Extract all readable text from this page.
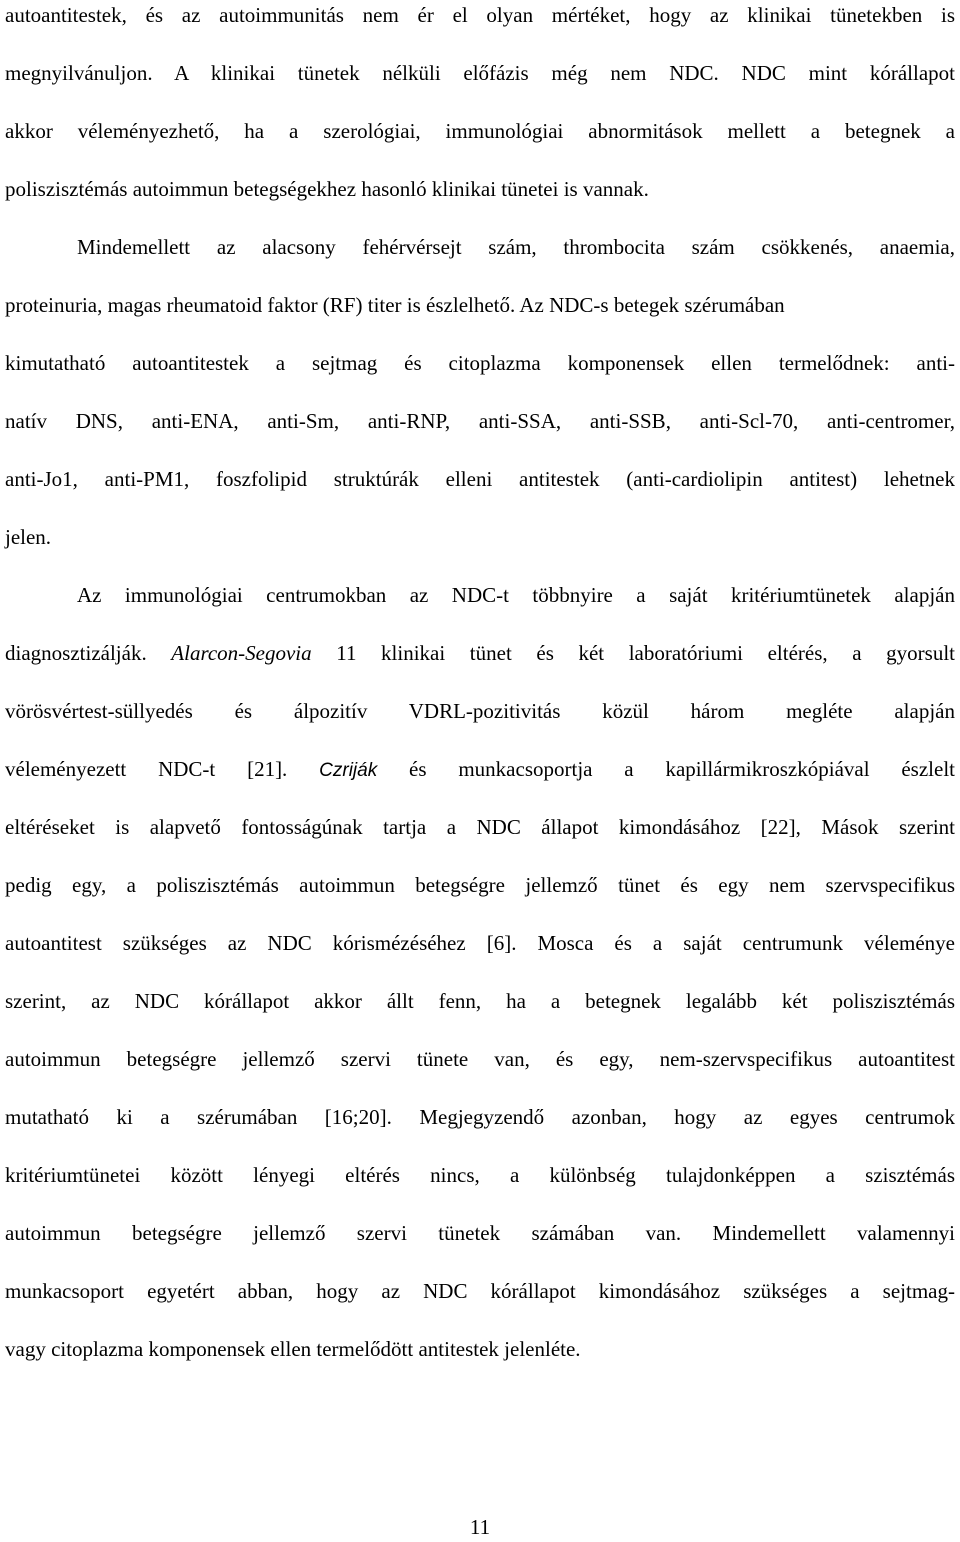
autoantitestek, és az autoimmunitás nem ér el olyan mértéket, hogy az klinikai tünetekben is
megnyilvánuljon. A klinikai tünetek nélküli előfázis még nem NDC. NDC mint kórállapot
akkor véleményezhető, ha a szerológiai, immunológiai abnormitások mellett a betegnek a
poliszisztémás autoimmun betegségekhez hasonló klinikai tünetei is vannak.
Mindemellett az alacsony fehérvérsejt szám, thrombocita szám csökkenés, anaemia,
proteinuria, magas rheumatoid faktor (RF) titer is észlelhető. Az NDC-s betegek szérumában
kimutatható autoantitestek a sejtmag és citoplazma komponensek ellen termelődnek: anti-
natív DNS, anti-ENA, anti-Sm, anti-RNP, anti-SSA, anti-SSB, anti-Scl-70, anti-centromer,
anti-Jo1, anti-PM1, foszfolipid struktúrák elleni antitestek (anti-cardiolipin antitest) lehetnek
jelen.
Az immunológiai centrumokban az NDC-t többnyire a saját kritériumtünetek alapján
diagnosztizálják. Alarcon-Segovia 11 klinikai tünet és két laboratóriumi eltérés, a gyorsult
vörösvértest-süllyedés és álpozitív VDRL-pozitivitás közül három megléte alapján
véleményezett NDC-t [21]. Czriják és munkacsoportja a kapillármikroszkópiával észlelt
eltéréseket is alapvető fontosságúnak tartja a NDC állapot kimondásához [22], Mások szerint
pedig egy, a poliszisztémás autoimmun betegségre jellemző tünet és egy nem szervspecifikus
autoantitest szükséges az NDC kórismézéséhez [6]. Mosca és a saját centrumunk véleménye
szerint, az NDC kórállapot akkor állt fenn, ha a betegnek legalább két poliszisztémás
autoimmun betegségre jellemző szervi tünete van, és egy, nem-szervspecifikus autoantitest
mutatható ki a szérumában [16;20]. Megjegyzendő azonban, hogy az egyes centrumok
kritériumtünetei között lényegi eltérés nincs, a különbség tulajdonképpen a szisztémás
autoimmun betegségre jellemző szervi tünetek számában van. Mindemellett valamennyi
munkacsoport egyetért abban, hogy az NDC kórállapot kimondásához szükséges a sejtmag-
vagy citoplazma komponensek ellen termelődött antitestek jelenléte.
11
